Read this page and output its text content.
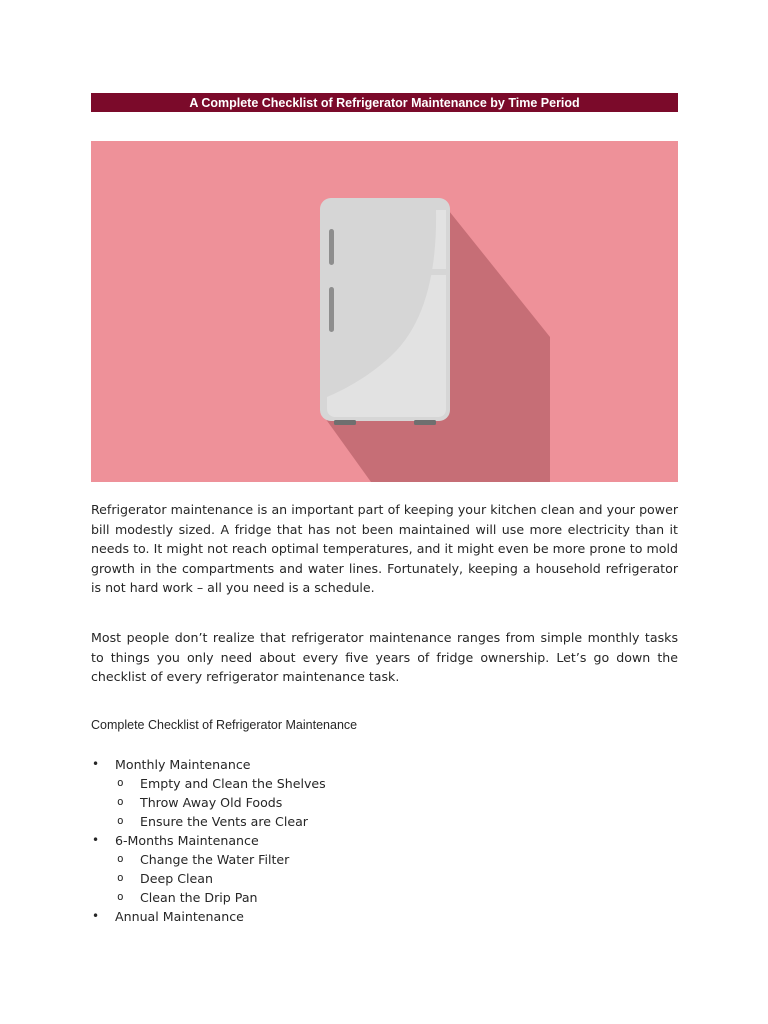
A Complete Checklist of Refrigerator Maintenance by Time Period

Refrigerator maintenance is an important part of keeping your kitchen clean and your power bill modestly sized. A fridge that has not been maintained will use more electricity than it needs to. It might not reach optimal temperatures, and it might even be more prone to mold growth in the compartments and water lines. Fortunately, keeping a household refrigerator is not hard work – all you need is a schedule.

Most people don’t realize that refrigerator maintenance ranges from simple monthly tasks to things you only need about every five years of fridge ownership. Let’s go down the checklist of every refrigerator maintenance task.

Complete Checklist of Refrigerator Maintenance

• Monthly Maintenance
o Empty and Clean the Shelves
o Throw Away Old Foods
o Ensure the Vents are Clear
• 6-Months Maintenance
o Change the Water Filter
o Deep Clean
o Clean the Drip Pan
• Annual Maintenance
